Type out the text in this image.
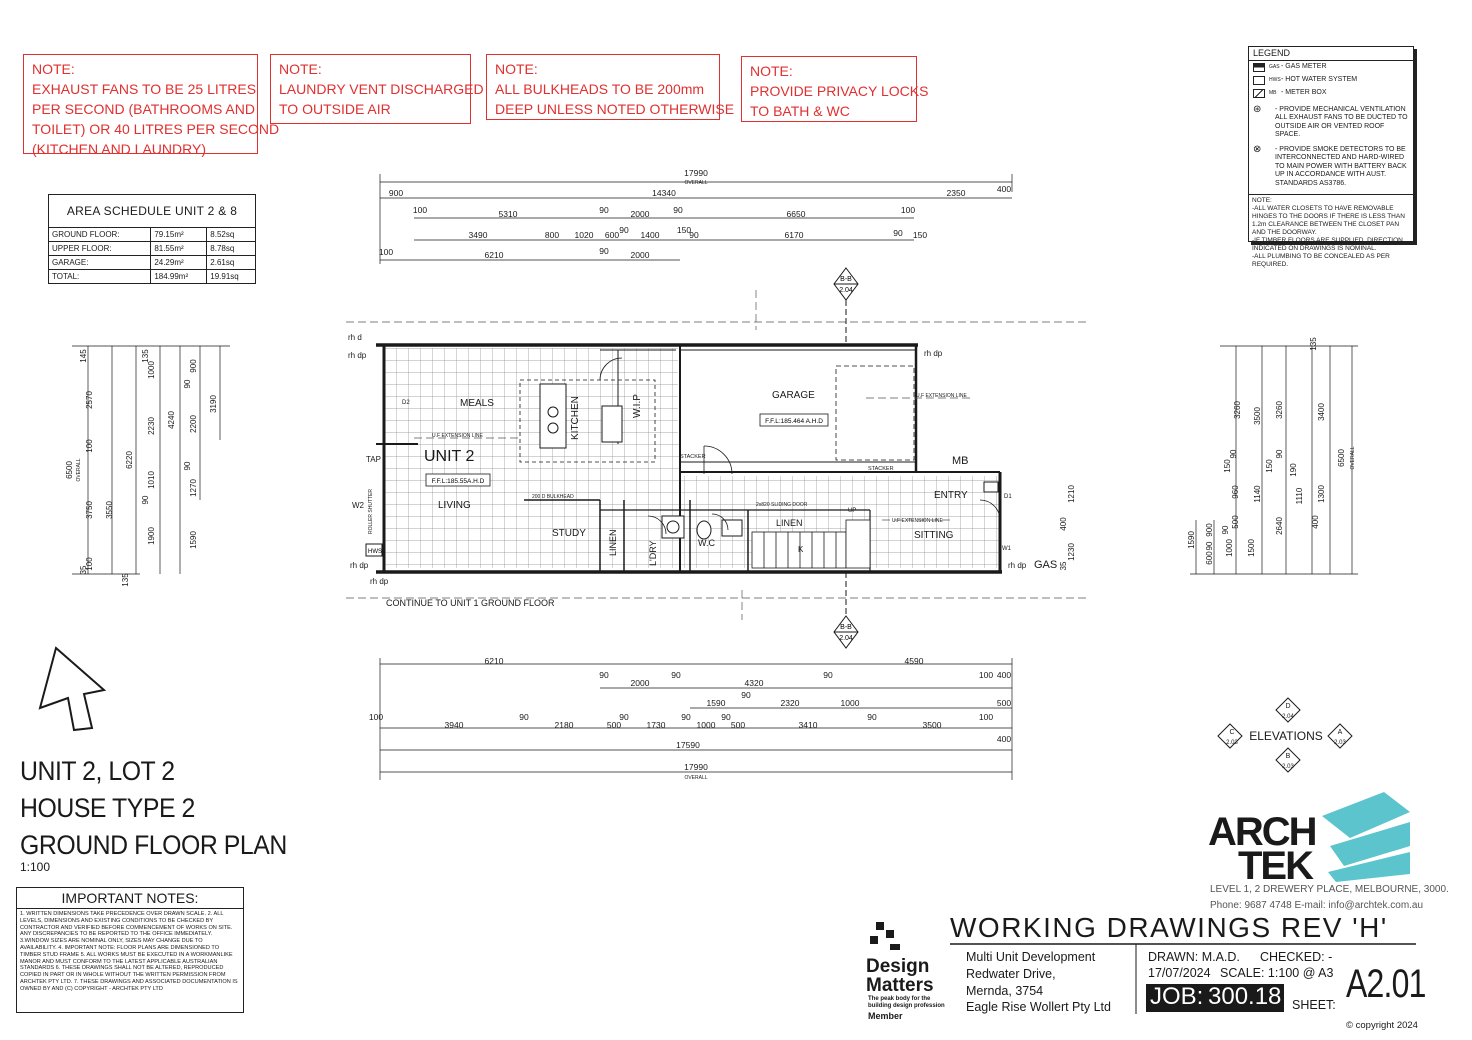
NOTE:
EXHAUST FANS TO BE 25 LITRES
PER SECOND (BATHROOMS AND
TOILET) OR 40 LITRES PER SECOND
(KITCHEN AND LAUNDRY)
NOTE:
LAUNDRY VENT DISCHARGED
TO OUTSIDE AIR
NOTE:
ALL BULKHEADS TO BE 200mm
DEEP UNLESS NOTED OTHERWISE
NOTE:
PROVIDE PRIVACY LOCKS
TO BATH & WC
LEGEND
GAS - GAS METER
HWS - HOT WATER SYSTEM
MB - METER BOX
⊛	- PROVIDE MECHANICAL VENTILATION ALL EXHAUST FANS TO BE DUCTED TO OUTSIDE AIR OR VENTED ROOF SPACE.
⊗	- PROVIDE SMOKE DETECTORS TO BE INTERCONNECTED AND HARD-WIRED TO MAIN POWER WITH BATTERY BACK UP IN ACCORDANCE WITH AUST. STANDARDS AS3786.
NOTE:
-ALL WATER CLOSETS TO HAVE REMOVABLE HINGES TO THE DOORS IF THERE IS LESS THAN 1.2m CLEARANCE BETWEEN THE CLOSET PAN AND THE DOORWAY.
-IF TIMBER FLOORS ARE SUPPLIED, DIRECTION INDICATED ON DRAWINGS IS NOMINAL.
-ALL PLUMBING TO BE CONCEALED AS PER REQUIRED.
AREA SCHEDULE UNIT 2 & 8		
GROUND FLOOR:	79.15m²	8.52sq
UPPER FLOOR:	81.55m²	8.78sq
GARAGE:	24.29m²	2.61sq
TOTAL:	184.99m²	19.91sq	B-B
2.04
B-B
2.04
UNIT 2
MEALS	KITCHEN	W.I.P	GARAGE
LIVING
STUDY LINEN	L'DRY	W.C
LINEN
ENTRY
SITTING
F.F.L:185.55A.H.D
F.F.L:185.464 A.H.D
rh d
rh dp	rh dp
rh dp
rh dp
rh dp
TAP
W2
D2
D1
W1
STACKER
STACKER
UP
K
MB
GAS
CONTINUE TO UNIT 1 GROUND FLOOR
U.F EXTENSION LINE
U.F EXTENSION LINE
U.F EXTENSION LINE
200 D BULKHEAD
2x820 SLIDING DOOR
ROLLER SHUTTER
HWS
17990
OVERALL
900	14340	2350	400
100	5310	90	2000	90	6650	100
3490	800 1020 600 90 1400 150
90	6170	90 150
100	6210	90	2000
6210
90
2000
90
4320
90
4590
100 400
1590
90
2320	1000	500
100
3940
90
2180	500
90
1730
90
1000
90
500	3410
90
3500
100
400
17590
17990
OVERALL
6500 OVERALL
145
2570
100
3750
100
35
135
3550
6220
135
1000
2230
1010
90
1900
4240
90
900
2200
90
1270
1590
3190
135
3260 3500 3260	3400
6500 OVERALL
150
90
960 1140
2640
150
90
1110
190
1300
400
1210
400
1230
35
1590
900
90
600
1000 1500
90
500
D
2.04
C
2.03
A
2.03
B
2.03
ELEVATIONS
UNIT 2, LOT 2
HOUSE TYPE 2
GROUND FLOOR PLAN
1:100
IMPORTANT NOTES:
1. WRITTEN DIMENSIONS TAKE PRECEDENCE OVER DRAWN SCALE. 2. ALL LEVELS, DIMENSIONS AND EXISTING CONDITIONS TO BE CHECKED BY CONTRACTOR AND VERIFIED BEFORE COMMENCEMENT OF WORKS ON SITE. ANY DISCREPANCIES TO BE REPORTED TO THE OFFICE IMMEDIATELY. 3.WINDOW SIZES ARE NOMINAL ONLY, SIZES MAY CHANGE DUE TO AVAILABILITY. 4. IMPORTANT NOTE: FLOOR PLANS ARE DIMENSIONED TO TIMBER STUD FRAME 5. ALL WORKS MUST BE EXECUTED IN A WORKMANLIKE MANOR AND MUST CONFORM TO THE LATEST APPLICABLE AUSTRALIAN STANDARDS 6. THESE DRAWINGS SHALL NOT BE ALTERED, REPRODUCED COPIED IN PART OR IN WHOLE WITHOUT THE WRITTEN PERMISSION FROM ARCHTEK PTY LTD. 7. THESE DRAWINGS AND ASSOCIATED DOCUMENTATION IS OWNED BY AND (C) COPYRIGHT - ARCHTEK PTY LTD
Design
Matters
The peak body for the
building design profession
Member
ARCH
TEK
LEVEL 1, 2 DREWERY PLACE, MELBOURNE, 3000.
Phone: 9687 4748 E-mail: info@archtek.com.au
WORKING DRAWINGS REV 'H'
Multi Unit Development
Redwater Drive,
Mernda, 3754
Eagle Rise Wollert Pty Ltd
DRAWN: M.A.D. CHECKED: -
17/07/2024 SCALE: 1:100 @ A3
JOB: 300.18 SHEET: A2.01
© copyright 2024
